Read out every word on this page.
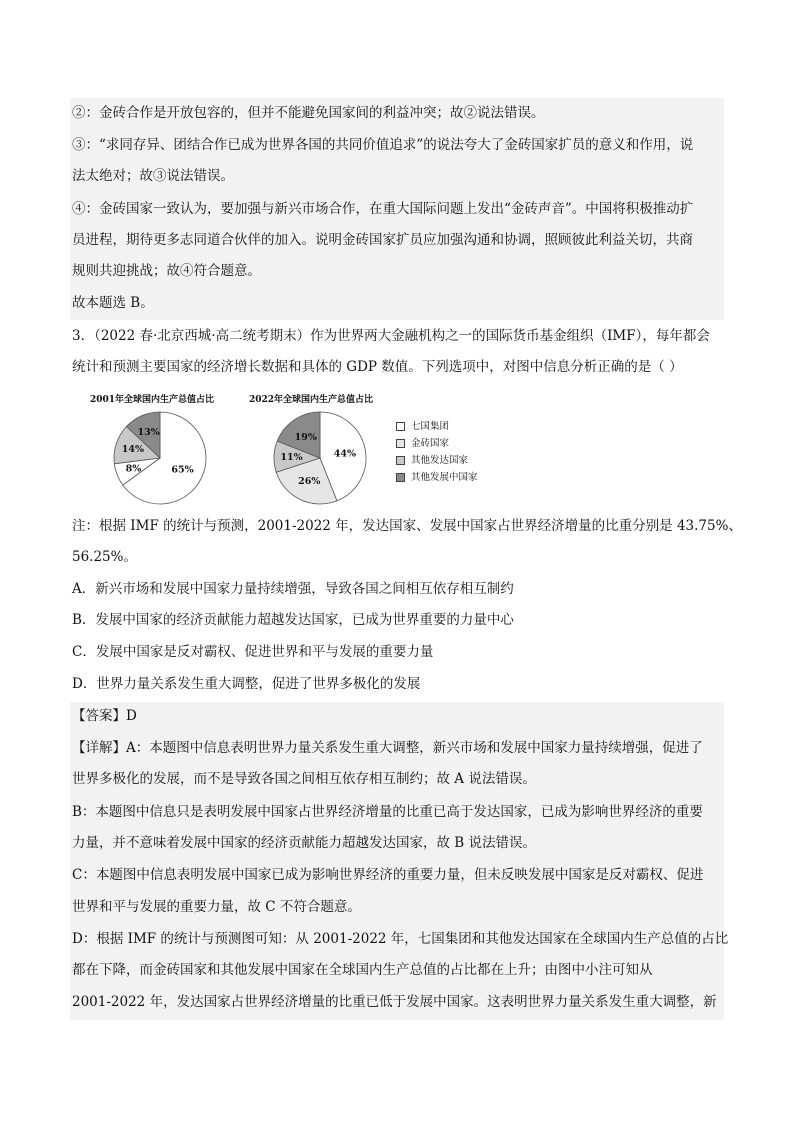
②：金砖合作是开放包容的，但并不能避免国家间的利益冲突；故②说法错误。
③：“求同存异、团结合作已成为世界各国的共同价值追求”的说法夸大了金砖国家扩员的意义和作用，说
法太绝对；故③说法错误。
④：金砖国家一致认为，要加强与新兴市场合作，在重大国际问题上发出“金砖声音”。中国将积极推动扩
员进程，期待更多志同道合伙伴的加入。说明金砖国家扩员应加强沟通和协调，照顾彼此利益关切，共商
规则共迎挑战；故④符合题意。
故本题选 B。
3．（2022 春·北京西城·高二统考期末）作为世界两大金融机构之一的国际货币基金组织（IMF），每年都会
统计和预测主要国家的经济增长数据和具体的 GDP 数值。下列选项中，对图中信息分析正确的是（ ）
2001年全球国内生产总值占比	2022年全球国内生产总值占比
65%
8%
14%
13%
44%
26%
11%
19%
七国集团
金砖国家
其他发达国家
其他发展中国家
注：根据 IMF 的统计与预测，2001-2022 年，发达国家、发展中国家占世界经济增量的比重分别是 43.75%、
56.25%。
A．新兴市场和发展中国家力量持续增强，导致各国之间相互依存相互制约
B．发展中国家的经济贡献能力超越发达国家，已成为世界重要的力量中心
C．发展中国家是反对霸权、促进世界和平与发展的重要力量
D．世界力量关系发生重大调整，促进了世界多极化的发展
【答案】D
【详解】A：本题图中信息表明世界力量关系发生重大调整，新兴市场和发展中国家力量持续增强，促进了
世界多极化的发展，而不是导致各国之间相互依存相互制约；故 A 说法错误。
B：本题图中信息只是表明发展中国家占世界经济增量的比重已高于发达国家，已成为影响世界经济的重要
力量，并不意味着发展中国家的经济贡献能力超越发达国家，故 B 说法错误。
C：本题图中信息表明发展中国家已成为影响世界经济的重要力量，但未反映发展中国家是反对霸权、促进
世界和平与发展的重要力量，故 C 不符合题意。
D：根据 IMF 的统计与预测图可知：从 2001-2022 年，七国集团和其他发达国家在全球国内生产总值的占比
都在下降，而金砖国家和其他发展中国家在全球国内生产总值的占比都在上升；由图中小注可知从
2001-2022 年，发达国家占世界经济增量的比重已低于发展中国家。这表明世界力量关系发生重大调整，新
